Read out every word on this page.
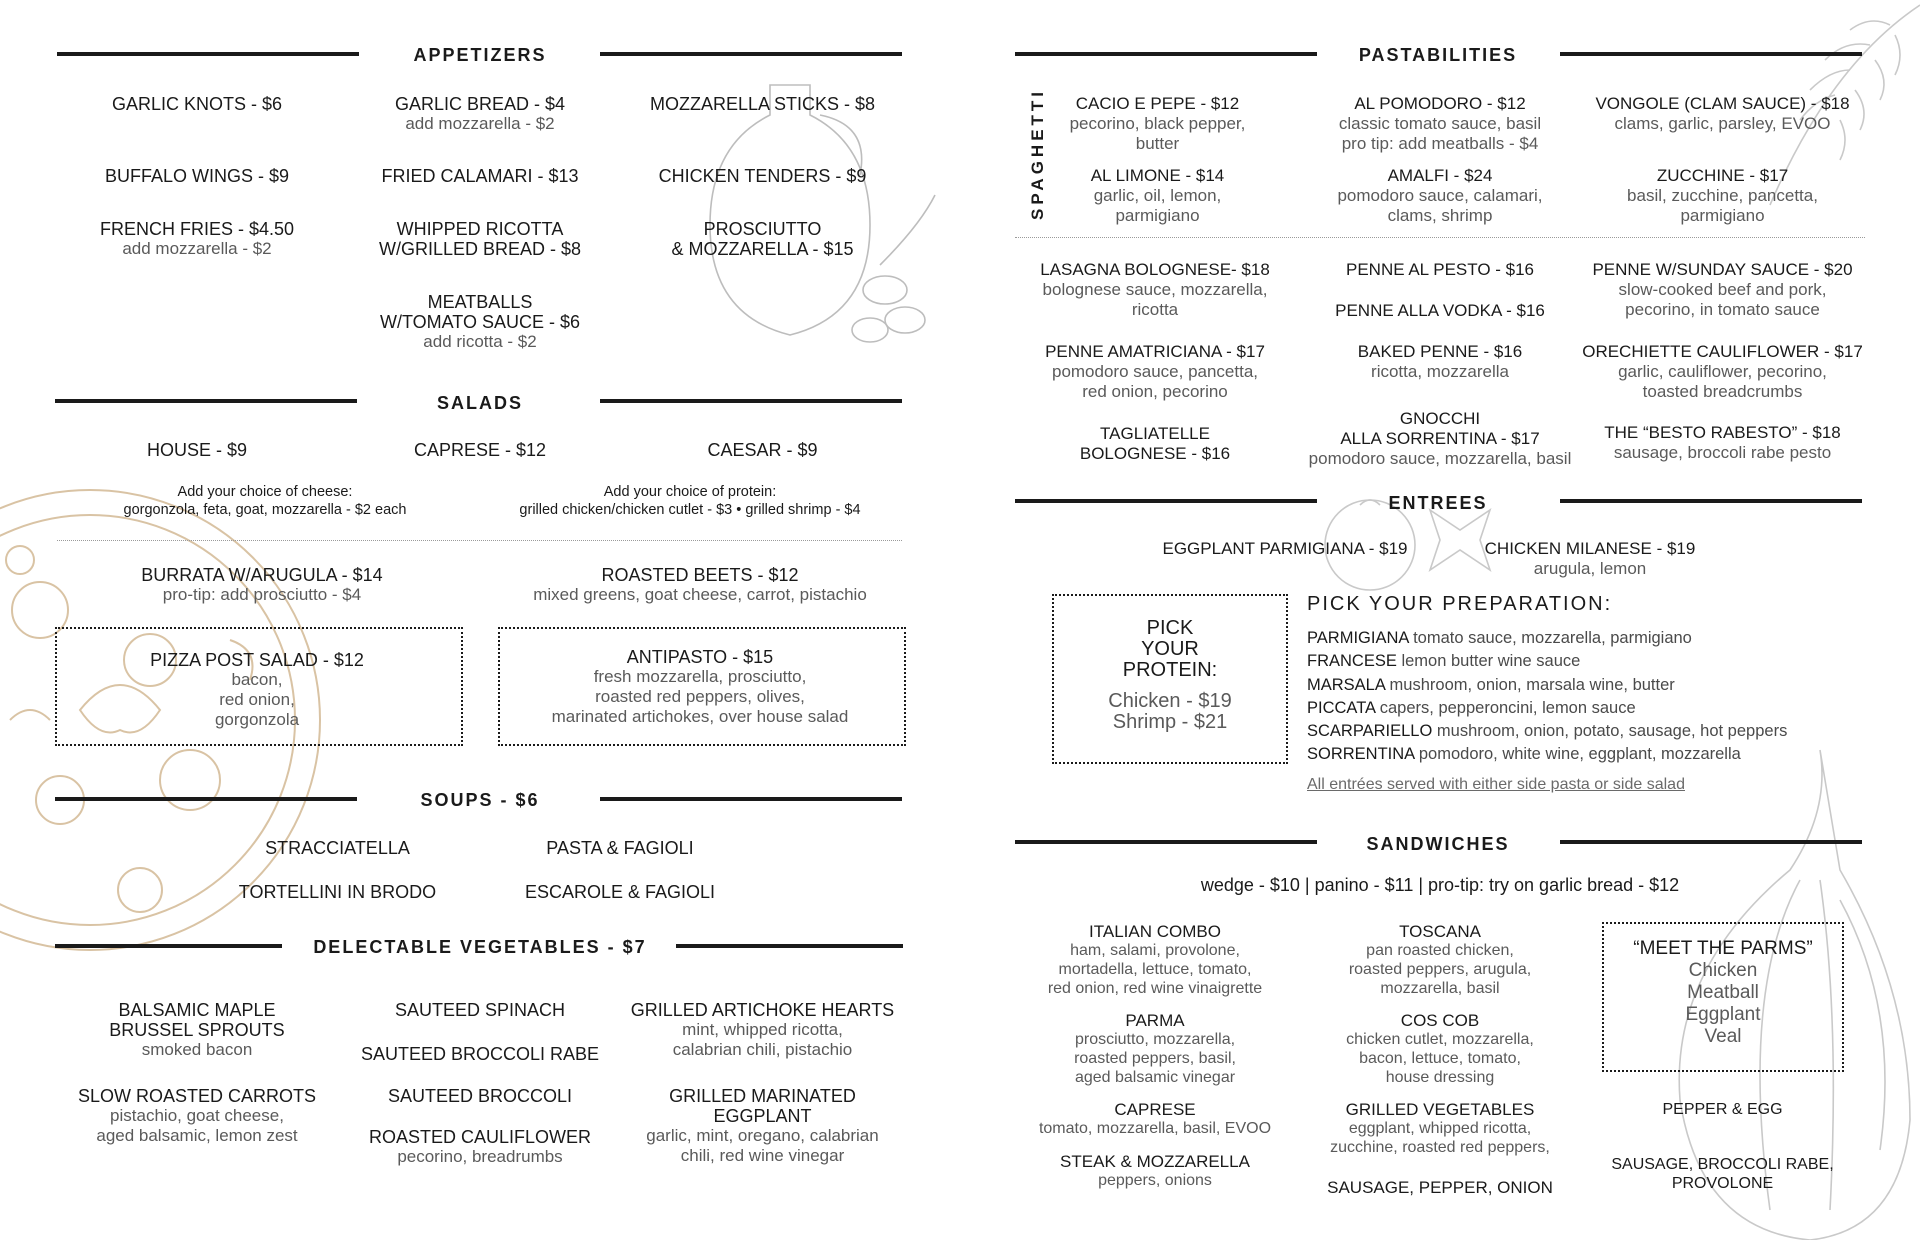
APPETIZERS
GARLIC KNOTS - $6	GARLIC BREAD - $4
add mozzarella - $2
MOZZARELLA STICKS - $8
BUFFALO WINGS - $9	FRIED CALAMARI - $13	CHICKEN TENDERS - $9
FRENCH FRIES - $4.50
add mozzarella - $2
WHIPPED RICOTTA
W/GRILLED BREAD - $8
PROSCIUTTO
& MOZZARELLA - $15
MEATBALLS
W/TOMATO SAUCE - $6
add ricotta - $2
SALADS
HOUSE - $9	CAPRESE - $12	CAESAR - $9
Add your choice of cheese:
gorgonzola, feta, goat, mozzarella - $2 each
Add your choice of protein:
grilled chicken/chicken cutlet - $3 • grilled shrimp - $4
BURRATA W/ARUGULA - $14
pro-tip: add prosciutto - $4
ROASTED BEETS - $12
mixed greens, goat cheese, carrot, pistachio
PIZZA POST SALAD - $12
bacon,
red onion,
gorgonzola
ANTIPASTO - $15
fresh mozzarella, prosciutto,
roasted red peppers, olives,
marinated artichokes, over house salad
SOUPS - $6
STRACCIATELLA	PASTA & FAGIOLI
TORTELLINI IN BRODO	ESCAROLE & FAGIOLI
DELECTABLE VEGETABLES - $7
BALSAMIC MAPLE
BRUSSEL SPROUTS
smoked bacon
SAUTEED SPINACH	GRILLED ARTICHOKE HEARTS
mint, whipped ricotta,
calabrian chili, pistachio
SAUTEED BROCCOLI RABE
SLOW ROASTED CARROTS
pistachio, goat cheese,
aged balsamic, lemon zest
SAUTEED BROCCOLI	GRILLED MARINATED
EGGPLANT
garlic, mint, oregano, calabrian
chili, red wine vinegar
ROASTED CAULIFLOWER
pecorino, breadrumbs
PASTABILITIES
SPAGHETTI	CACIO E PEPE - $12
pecorino, black pepper,
butter
AL POMODORO - $12
classic tomato sauce, basil
pro tip: add meatballs - $4
VONGOLE (CLAM SAUCE) - $18
clams, garlic, parsley, EVOO
AL LIMONE - $14
garlic, oil, lemon,
parmigiano
AMALFI - $24
pomodoro sauce, calamari,
clams, shrimp
ZUCCHINE - $17
basil, zucchine, pancetta,
parmigiano
LASAGNA BOLOGNESE- $18
bolognese sauce, mozzarella,
ricotta
PENNE AL PESTO - $16	PENNE W/SUNDAY SAUCE - $20
slow-cooked beef and pork,
pecorino, in tomato sauce
PENNE ALLA VODKA - $16
PENNE AMATRICIANA - $17
pomodoro sauce, pancetta,
red onion, pecorino
BAKED PENNE - $16
ricotta, mozzarella
ORECHIETTE CAULIFLOWER - $17
garlic, cauliflower, pecorino,
toasted breadcrumbs
TAGLIATELLE
BOLOGNESE - $16
GNOCCHI
ALLA SORRENTINA - $17
pomodoro sauce, mozzarella, basil
THE “BESTO RABESTO” - $18
sausage, broccoli rabe pesto
ENTREES
EGGPLANT PARMIGIANA - $19	CHICKEN MILANESE - $19
arugula, lemon
PICK
YOUR
PROTEIN:
Chicken - $19
Shrimp - $21
PICK YOUR PREPARATION:
PARMIGIANA tomato sauce, mozzarella, parmigiano
FRANCESE lemon butter wine sauce
MARSALA mushroom, onion, marsala wine, butter
PICCATA capers, pepperoncini, lemon sauce
SCARPARIELLO mushroom, onion, potato, sausage, hot peppers
SORRENTINA pomodoro, white wine, eggplant, mozzarella
All entrées served with either side pasta or side salad
SANDWICHES
wedge - $10 | panino - $11 | pro-tip: try on garlic bread - $12
ITALIAN COMBO
ham, salami, provolone,
mortadella, lettuce, tomato,
red onion, red wine vinaigrette
PARMA
prosciutto, mozzarella,
roasted peppers, basil,
aged balsamic vinegar
CAPRESE
tomato, mozzarella, basil, EVOO
STEAK & MOZZARELLA
peppers, onions
TOSCANA
pan roasted chicken,
roasted peppers, arugula,
mozzarella, basil
COS COB
chicken cutlet, mozzarella,
bacon, lettuce, tomato,
house dressing
GRILLED VEGETABLES
eggplant, whipped ricotta,
zucchine, roasted red peppers,
SAUSAGE, PEPPER, ONION
“MEET THE PARMS”
Chicken
Meatball
Eggplant
Veal
PEPPER & EGG
SAUSAGE, BROCCOLI RABE,
PROVOLONE
